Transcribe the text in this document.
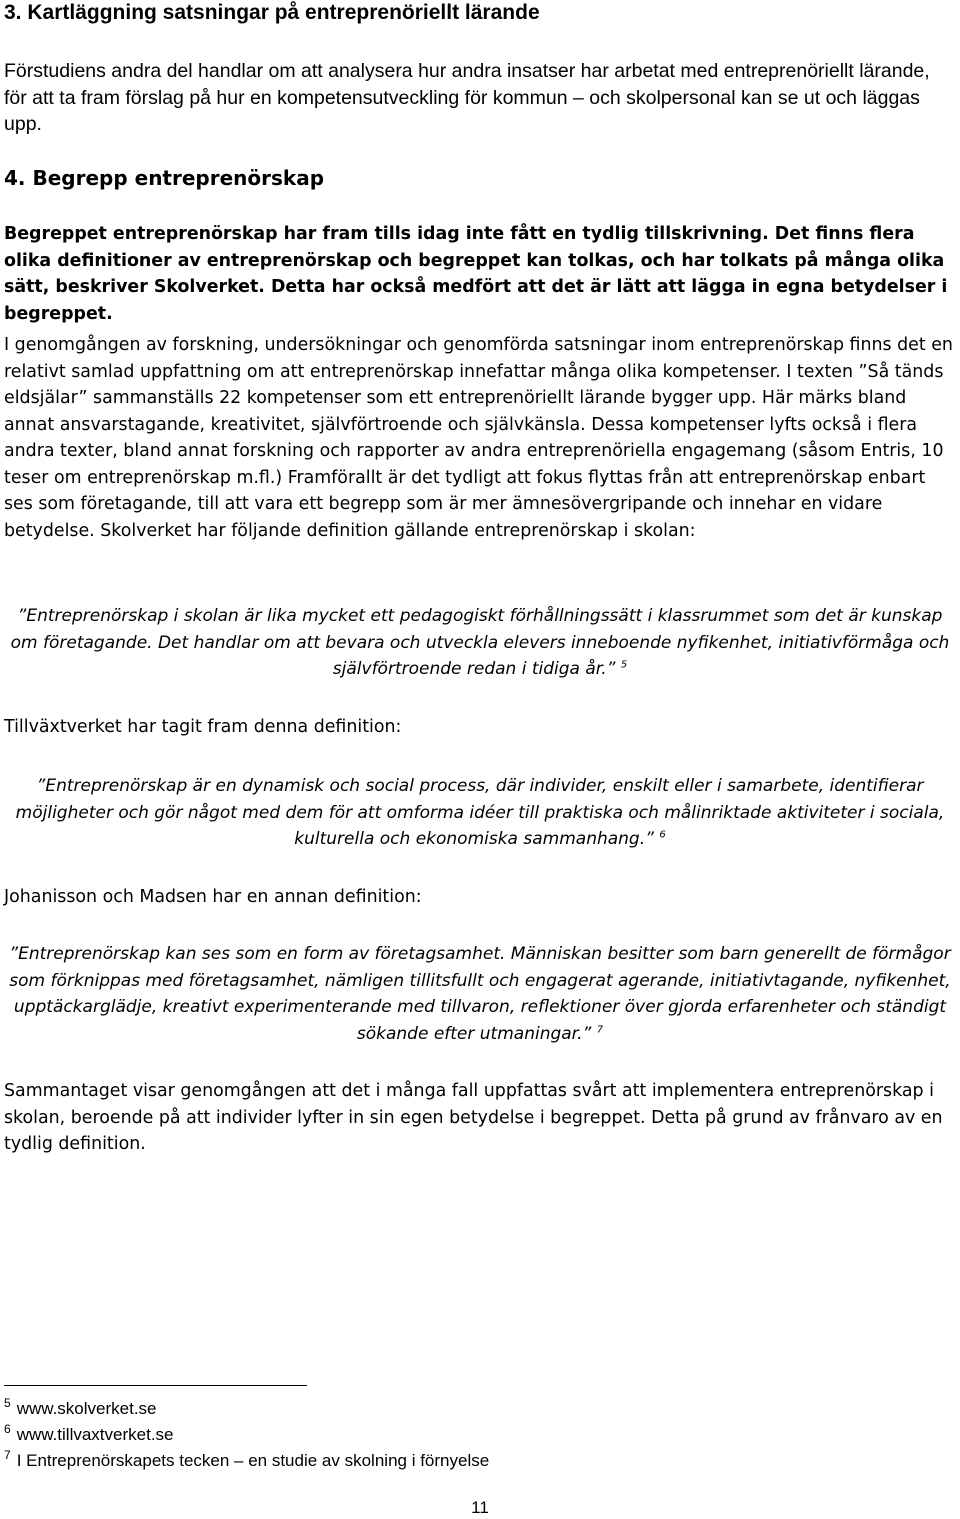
3. Kartläggning satsningar på entreprenöriellt lärande

Förstudiens andra del handlar om att analysera hur andra insatser har arbetat med entreprenöriellt lärande, för att ta fram förslag på hur en kompetensutveckling för kommun – och skolpersonal kan se ut och läggas upp.

4. Begrepp entreprenörskap

Begreppet entreprenörskap har fram tills idag inte fått en tydlig tillskrivning. Det finns flera olika definitioner av entreprenörskap och begreppet kan tolkas, och har tolkats på många olika sätt, beskriver Skolverket. Detta har också medfört att det är lätt att lägga in egna betydelser i begreppet.

I genomgången av forskning, undersökningar och genomförda satsningar inom entreprenörskap finns det en relativt samlad uppfattning om att entreprenörskap innefattar många olika kompetenser. I texten ”Så tänds eldsjälar” sammanställs 22 kompetenser som ett entreprenöriellt lärande bygger upp. Här märks bland annat ansvarstagande, kreativitet, självförtroende och självkänsla. Dessa kompetenser lyfts också i flera andra texter, bland annat forskning och rapporter av andra entreprenöriella engagemang (såsom Entris, 10 teser om entreprenörskap m.fl.) Framförallt är det tydligt att fokus flyttas från att entreprenörskap enbart ses som företagande, till att vara ett begrepp som är mer ämnesövergripande och innehar en vidare betydelse. Skolverket har följande definition gällande entreprenörskap i skolan:

”Entreprenörskap i skolan är lika mycket ett pedagogiskt förhållningssätt i klassrummet som det är kunskap om företagande. Det handlar om att bevara och utveckla elevers inneboende nyfikenhet, initiativförmåga och självförtroende redan i tidiga år.” $^5$

Tillväxtverket har tagit fram denna definition:

”Entreprenörskap är en dynamisk och social process, där individer, enskilt eller i samarbete, identifierar möjligheter och gör något med dem för att omforma idéer till praktiska och målinriktade aktiviteter i sociala, kulturella och ekonomiska sammanhang.” $^6$

Johanisson och Madsen har en annan definition:

”Entreprenörskap kan ses som en form av företagsamhet. Människan besitter som barn generellt de förmågor som förknippas med företagsamhet, nämligen tillitsfullt och engagerat agerande, initiativtagande, nyfikenhet, upptäckarglädje, kreativt experimenterande med tillvaron, reflektioner över gjorda erfarenheter och ständigt sökande efter utmaningar.” $^7$

Sammantaget visar genomgången att det i många fall uppfattas svårt att implementera entreprenörskap i skolan, beroende på att individer lyfter in sin egen betydelse i begreppet. Detta på grund av frånvaro av en tydlig definition.

$^5$ www.skolverket.se

$^6$ www.tillvaxtverket.se

$^7$ I Entreprenörskapets tecken – en studie av skolning i förnyelse

11
